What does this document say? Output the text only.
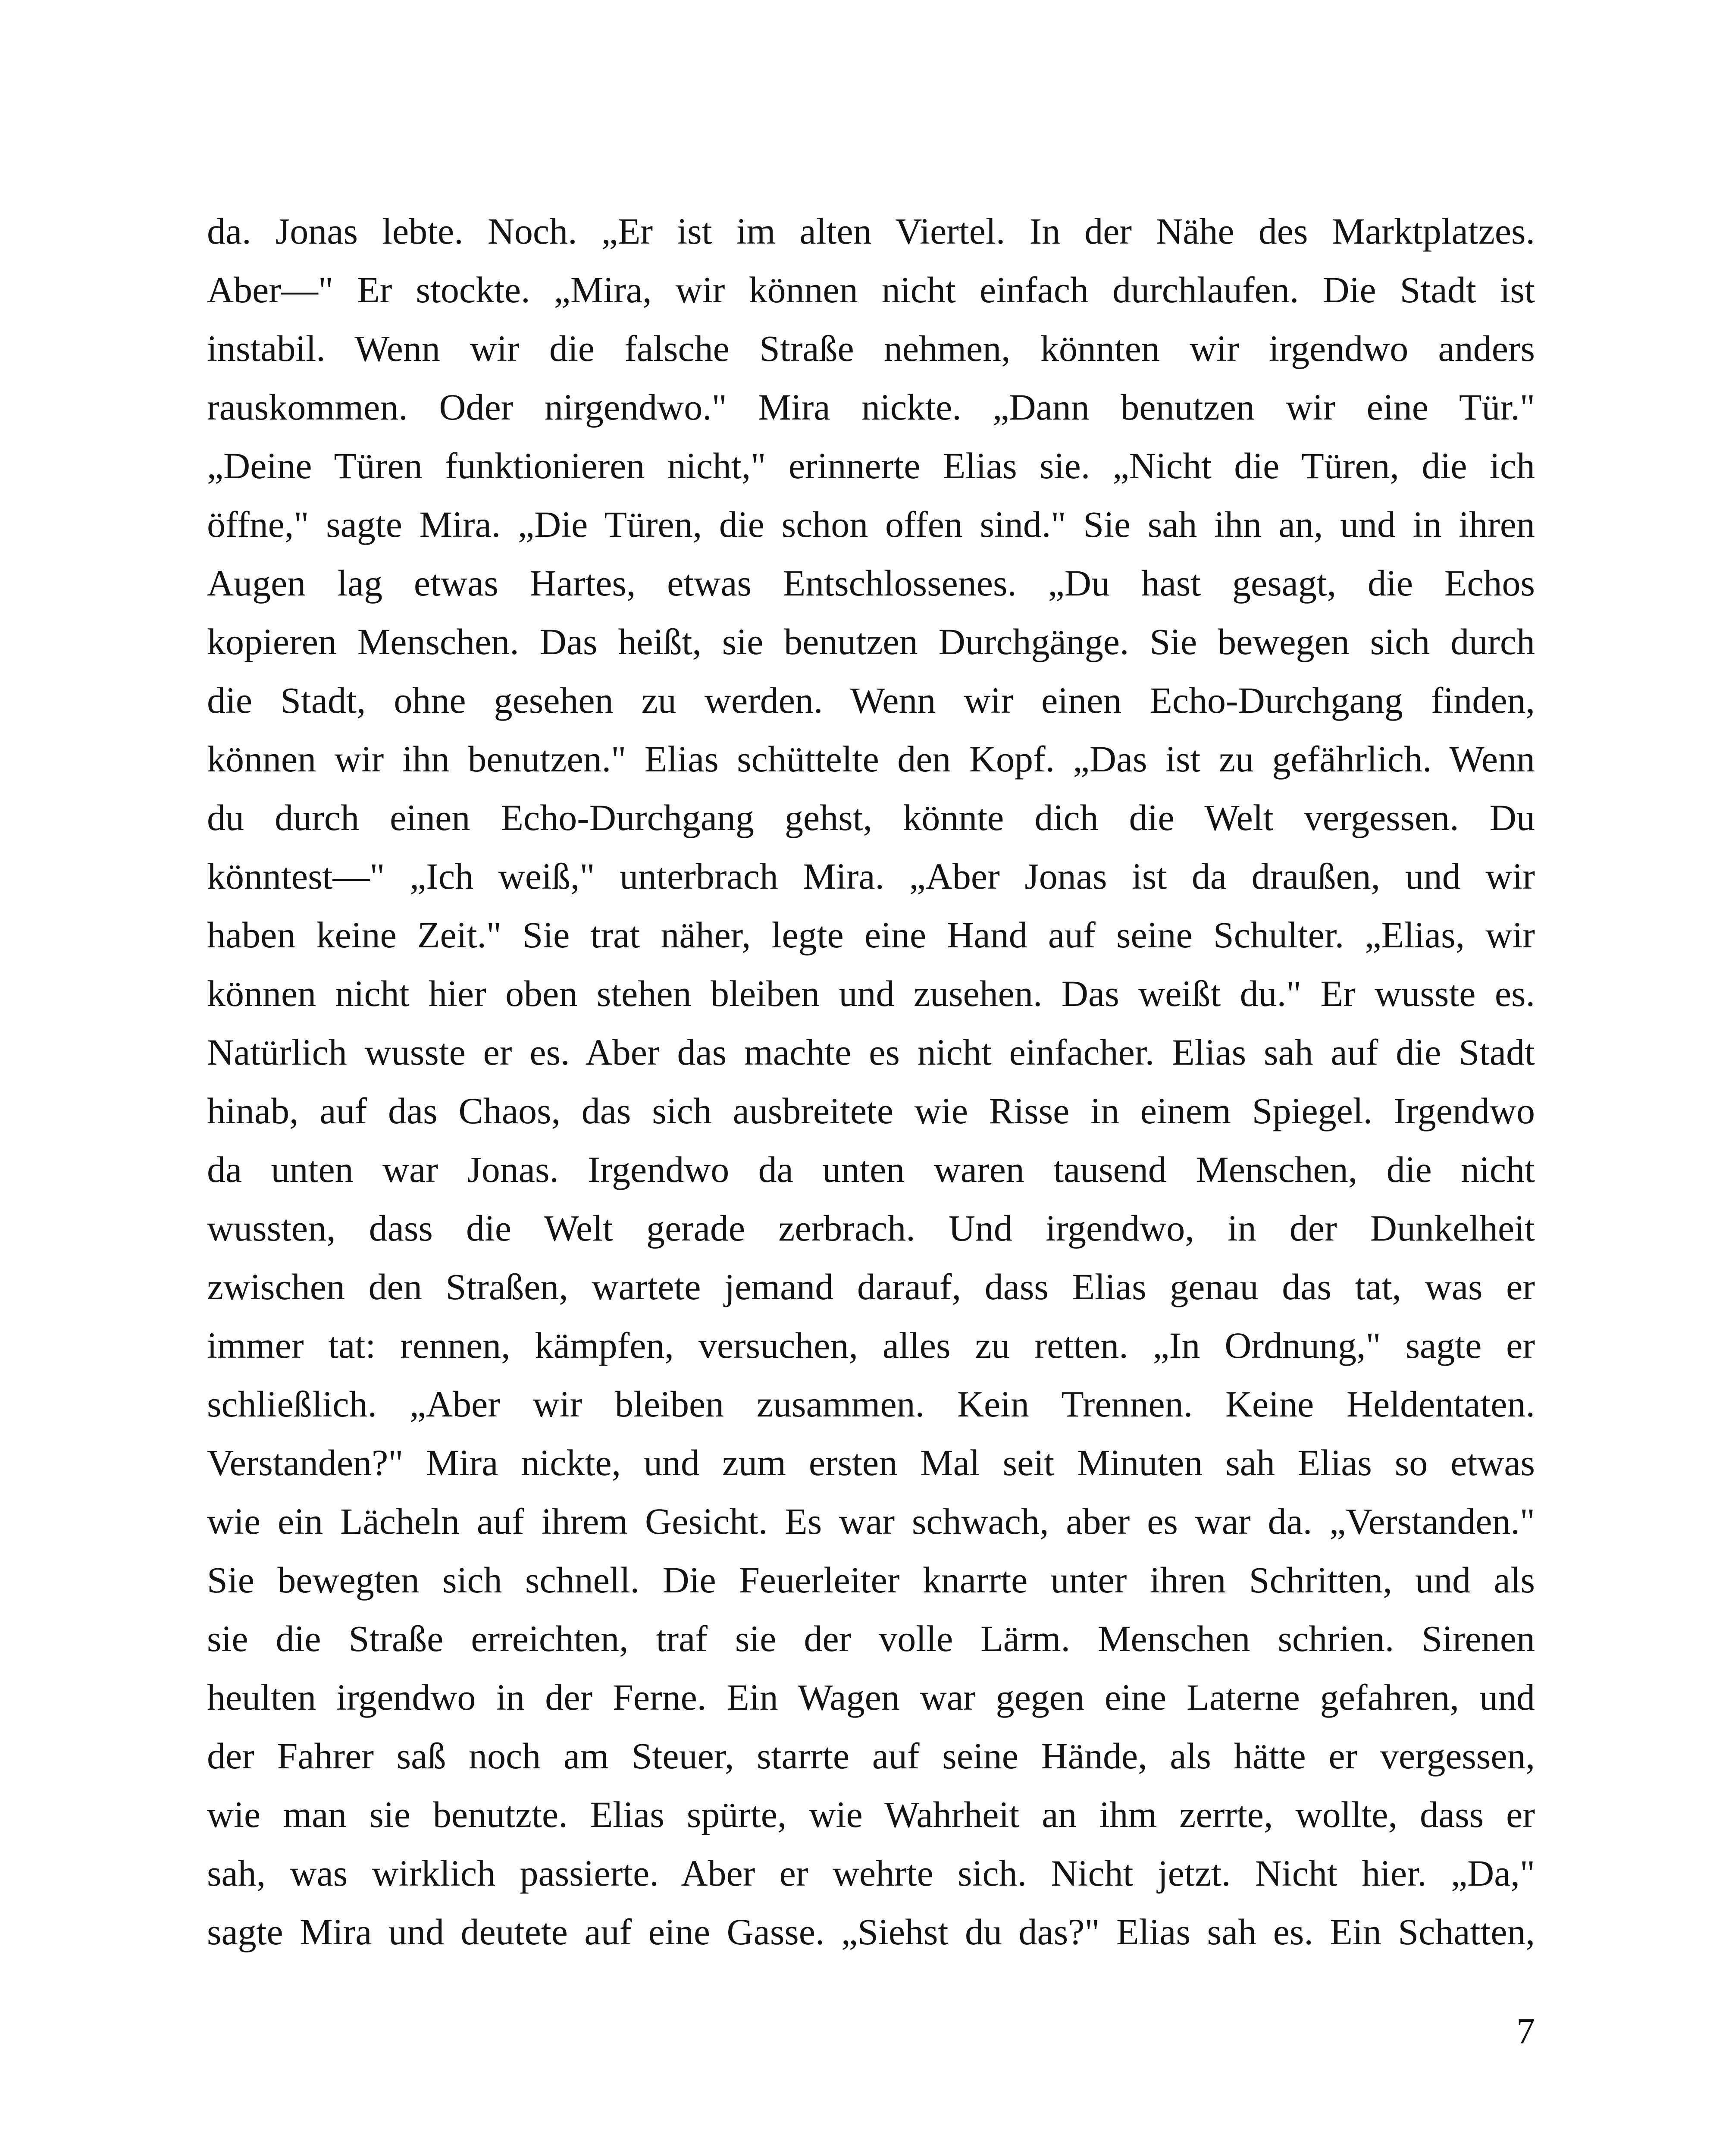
da. Jonas lebte. Noch. „Er ist im alten Viertel. In der Nähe des Marktplatzes.
Aber—" Er stockte. „Mira, wir können nicht einfach durchlaufen. Die Stadt ist
instabil. Wenn wir die falsche Straße nehmen, könnten wir irgendwo anders
rauskommen. Oder nirgendwo." Mira nickte. „Dann benutzen wir eine Tür."
„Deine Türen funktionieren nicht," erinnerte Elias sie. „Nicht die Türen, die ich
öffne," sagte Mira. „Die Türen, die schon offen sind." Sie sah ihn an, und in ihren
Augen lag etwas Hartes, etwas Entschlossenes. „Du hast gesagt, die Echos
kopieren Menschen. Das heißt, sie benutzen Durchgänge. Sie bewegen sich durch
die Stadt, ohne gesehen zu werden. Wenn wir einen Echo-Durchgang finden,
können wir ihn benutzen." Elias schüttelte den Kopf. „Das ist zu gefährlich. Wenn
du durch einen Echo-Durchgang gehst, könnte dich die Welt vergessen. Du
könntest—" „Ich weiß," unterbrach Mira. „Aber Jonas ist da draußen, und wir
haben keine Zeit." Sie trat näher, legte eine Hand auf seine Schulter. „Elias, wir
können nicht hier oben stehen bleiben und zusehen. Das weißt du." Er wusste es.
Natürlich wusste er es. Aber das machte es nicht einfacher. Elias sah auf die Stadt
hinab, auf das Chaos, das sich ausbreitete wie Risse in einem Spiegel. Irgendwo
da unten war Jonas. Irgendwo da unten waren tausend Menschen, die nicht
wussten, dass die Welt gerade zerbrach. Und irgendwo, in der Dunkelheit
zwischen den Straßen, wartete jemand darauf, dass Elias genau das tat, was er
immer tat: rennen, kämpfen, versuchen, alles zu retten. „In Ordnung," sagte er
schließlich. „Aber wir bleiben zusammen. Kein Trennen. Keine Heldentaten.
Verstanden?" Mira nickte, und zum ersten Mal seit Minuten sah Elias so etwas
wie ein Lächeln auf ihrem Gesicht. Es war schwach, aber es war da. „Verstanden."
Sie bewegten sich schnell. Die Feuerleiter knarrte unter ihren Schritten, und als
sie die Straße erreichten, traf sie der volle Lärm. Menschen schrien. Sirenen
heulten irgendwo in der Ferne. Ein Wagen war gegen eine Laterne gefahren, und
der Fahrer saß noch am Steuer, starrte auf seine Hände, als hätte er vergessen,
wie man sie benutzte. Elias spürte, wie Wahrheit an ihm zerrte, wollte, dass er
sah, was wirklich passierte. Aber er wehrte sich. Nicht jetzt. Nicht hier. „Da,"
sagte Mira und deutete auf eine Gasse. „Siehst du das?" Elias sah es. Ein Schatten,
7
